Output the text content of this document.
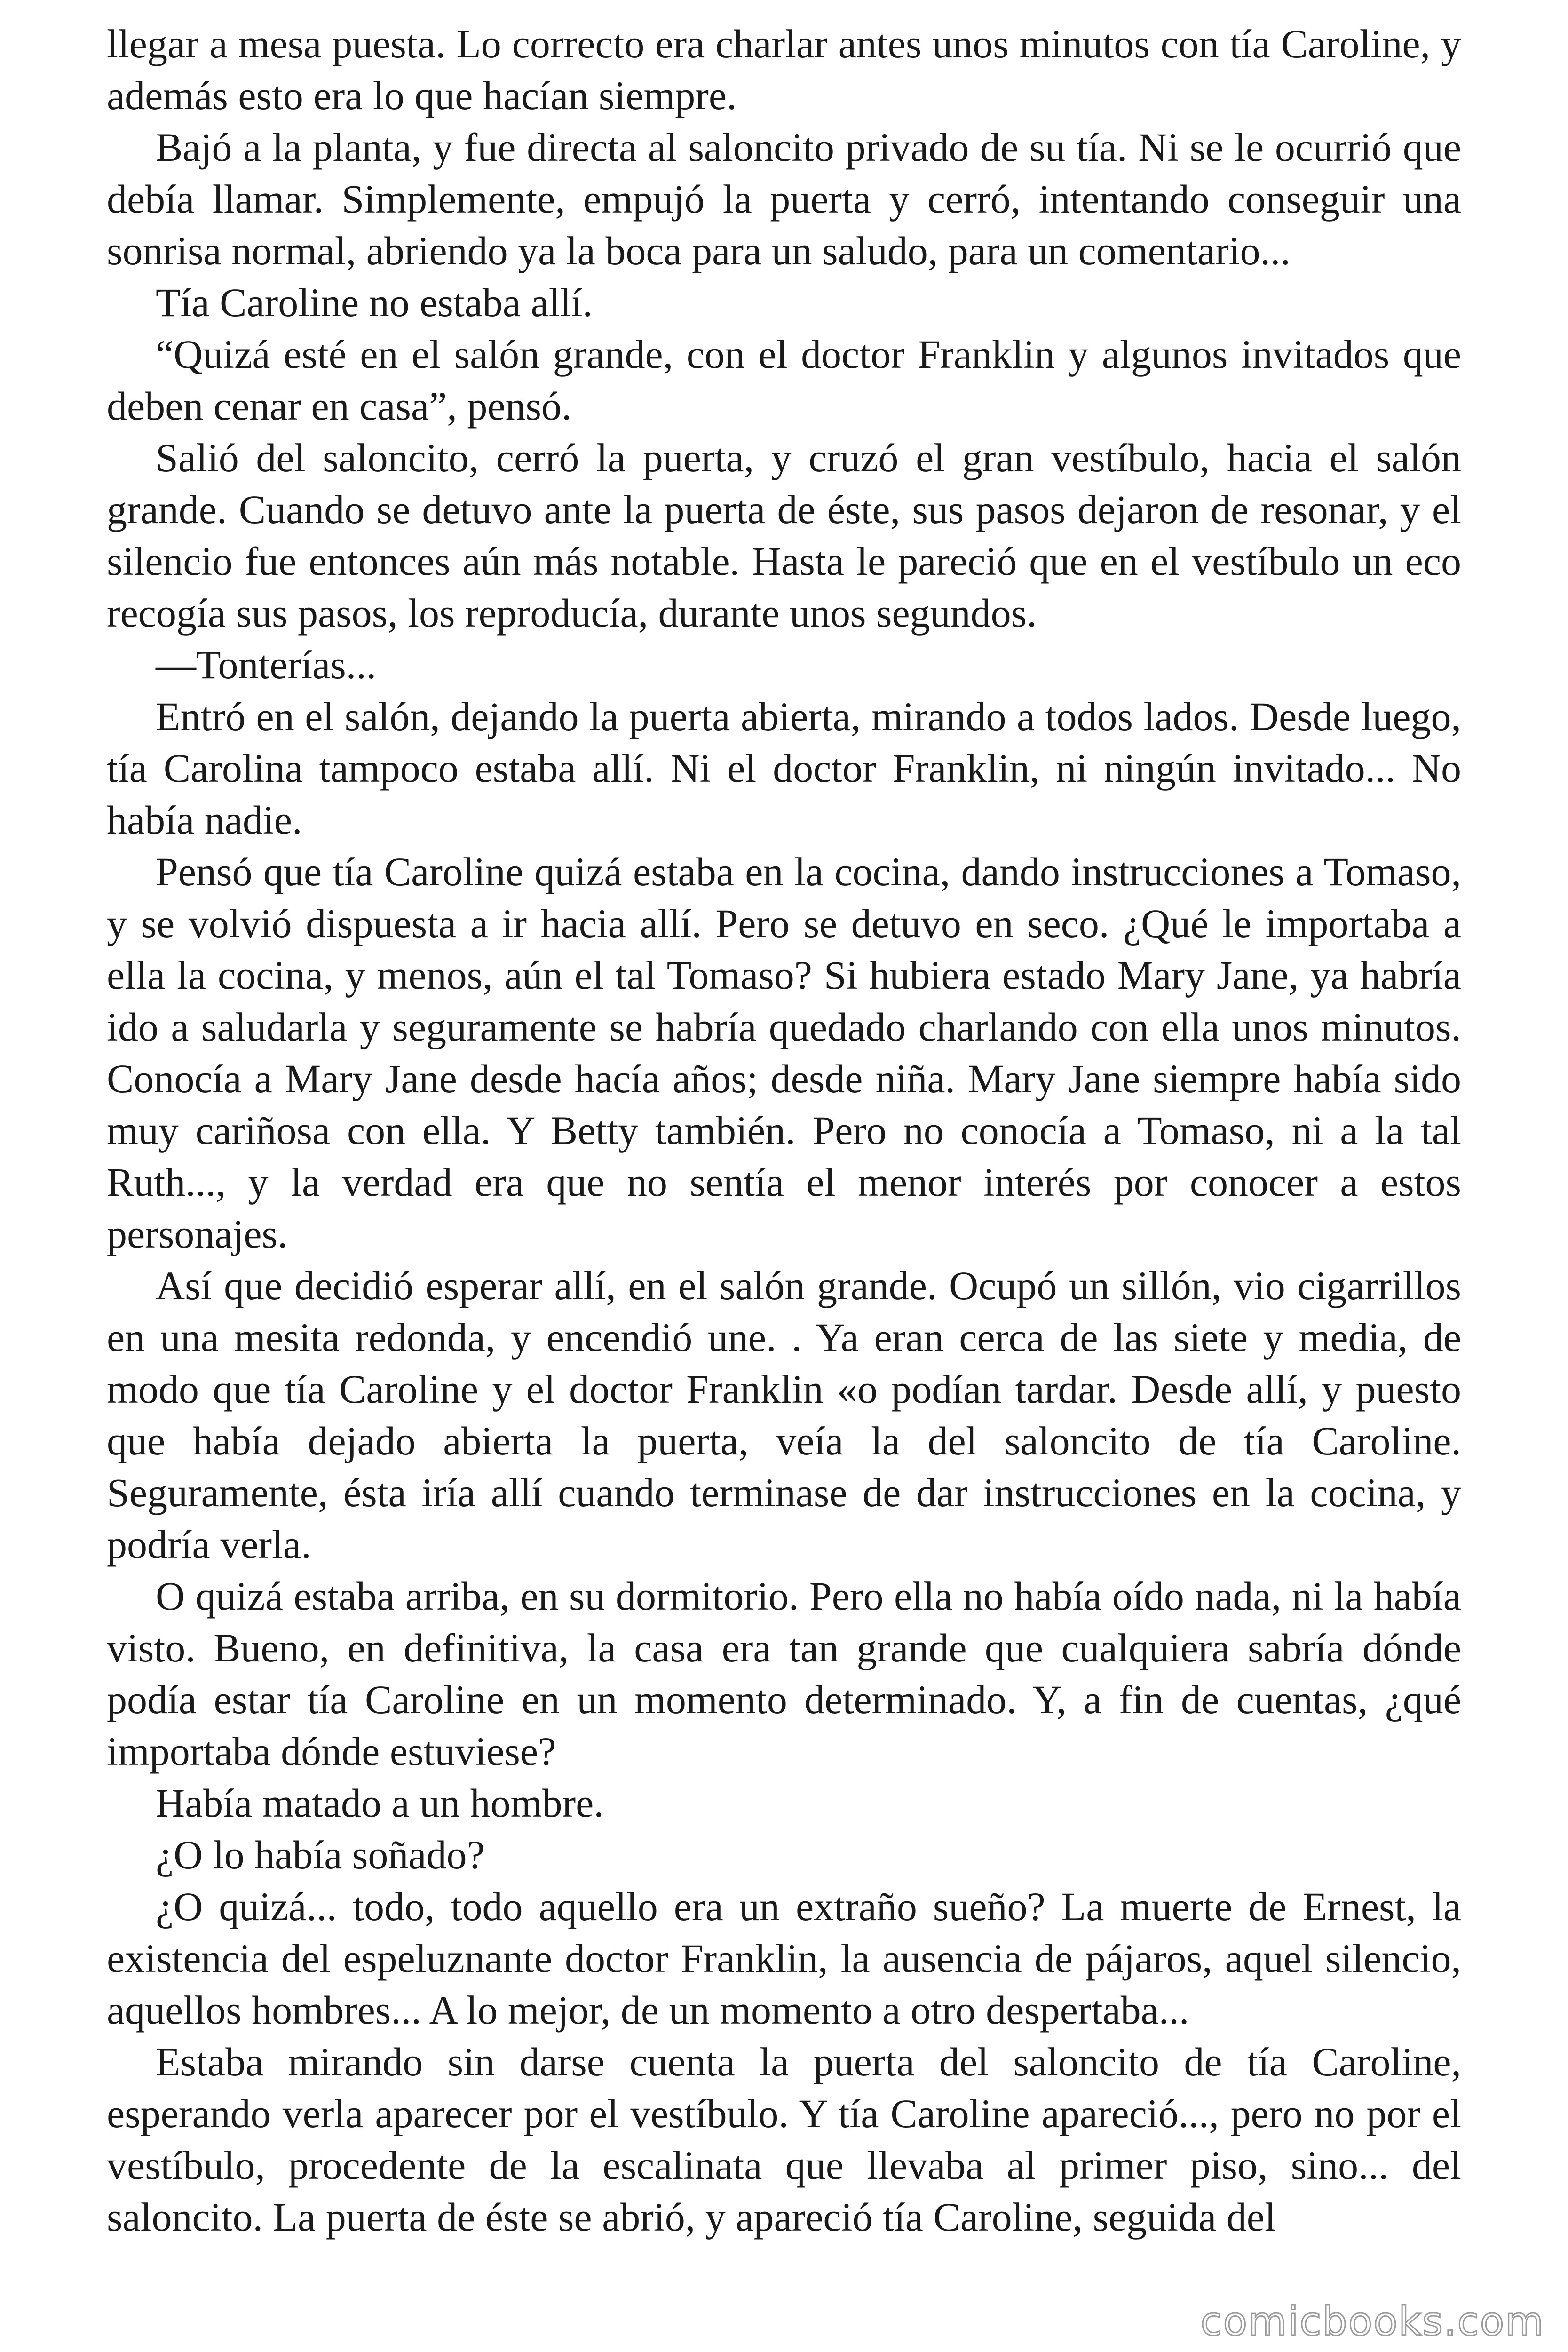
llegar a mesa puesta. Lo correcto era charlar antes unos minutos con tía Caroline, y además esto era lo que hacían siempre.

Bajó a la planta, y fue directa al saloncito privado de su tía. Ni se le ocurrió que debía llamar. Simplemente, empujó la puerta y cerró, intentando conseguir una sonrisa normal, abriendo ya la boca para un saludo, para un comentario...

Tía Caroline no estaba allí.

“Quizá esté en el salón grande, con el doctor Franklin y algunos invitados que deben cenar en casa”, pensó.

Salió del saloncito, cerró la puerta, y cruzó el gran vestíbulo, hacia el salón grande. Cuando se detuvo ante la puerta de éste, sus pasos dejaron de resonar, y el silencio fue entonces aún más notable. Hasta le pareció que en el vestíbulo un eco recogía sus pasos, los reproducía, durante unos segundos.

—Tonterías...

Entró en el salón, dejando la puerta abierta, mirando a todos lados. Desde luego, tía Carolina tampoco estaba allí. Ni el doctor Franklin, ni ningún invitado... No había nadie.

Pensó que tía Caroline quizá estaba en la cocina, dando instrucciones a Tomaso, y se volvió dispuesta a ir hacia allí. Pero se detuvo en seco. ¿Qué le importaba a ella la cocina, y menos, aún el tal Tomaso? Si hubiera estado Mary Jane, ya habría ido a saludarla y seguramente se habría quedado charlando con ella unos minutos. Conocía a Mary Jane desde hacía años; desde niña. Mary Jane siempre había sido muy cariñosa con ella. Y Betty también. Pero no conocía a Tomaso, ni a la tal Ruth..., y la verdad era que no sentía el menor interés por conocer a estos personajes.

Así que decidió esperar allí, en el salón grande. Ocupó un sillón, vio cigarrillos en una mesita redonda, y encendió une. . Ya eran cerca de las siete y media, de modo que tía Caroline y el doctor Franklin «o podían tardar. Desde allí, y puesto que había dejado abierta la puerta, veía la del saloncito de tía Caroline. Seguramente, ésta iría allí cuando terminase de dar instrucciones en la cocina, y podría verla.

O quizá estaba arriba, en su dormitorio. Pero ella no había oído nada, ni la había visto. Bueno, en definitiva, la casa era tan grande que cualquiera sabría dónde podía estar tía Caroline en un momento determinado. Y, a fin de cuentas, ¿qué importaba dónde estuviese?

Había matado a un hombre.

¿O lo había soñado?

¿O quizá... todo, todo aquello era un extraño sueño? La muerte de Ernest, la existencia del espeluznante doctor Franklin, la ausencia de pájaros, aquel silencio, aquellos hombres... A lo mejor, de un momento a otro despertaba...

Estaba mirando sin darse cuenta la puerta del saloncito de tía Caroline, esperando verla aparecer por el vestíbulo. Y tía Caroline apareció..., pero no por el vestíbulo, procedente de la escalinata que llevaba al primer piso, sino... del saloncito. La puerta de éste se abrió, y apareció tía Caroline, seguida del

comicbooks.com
